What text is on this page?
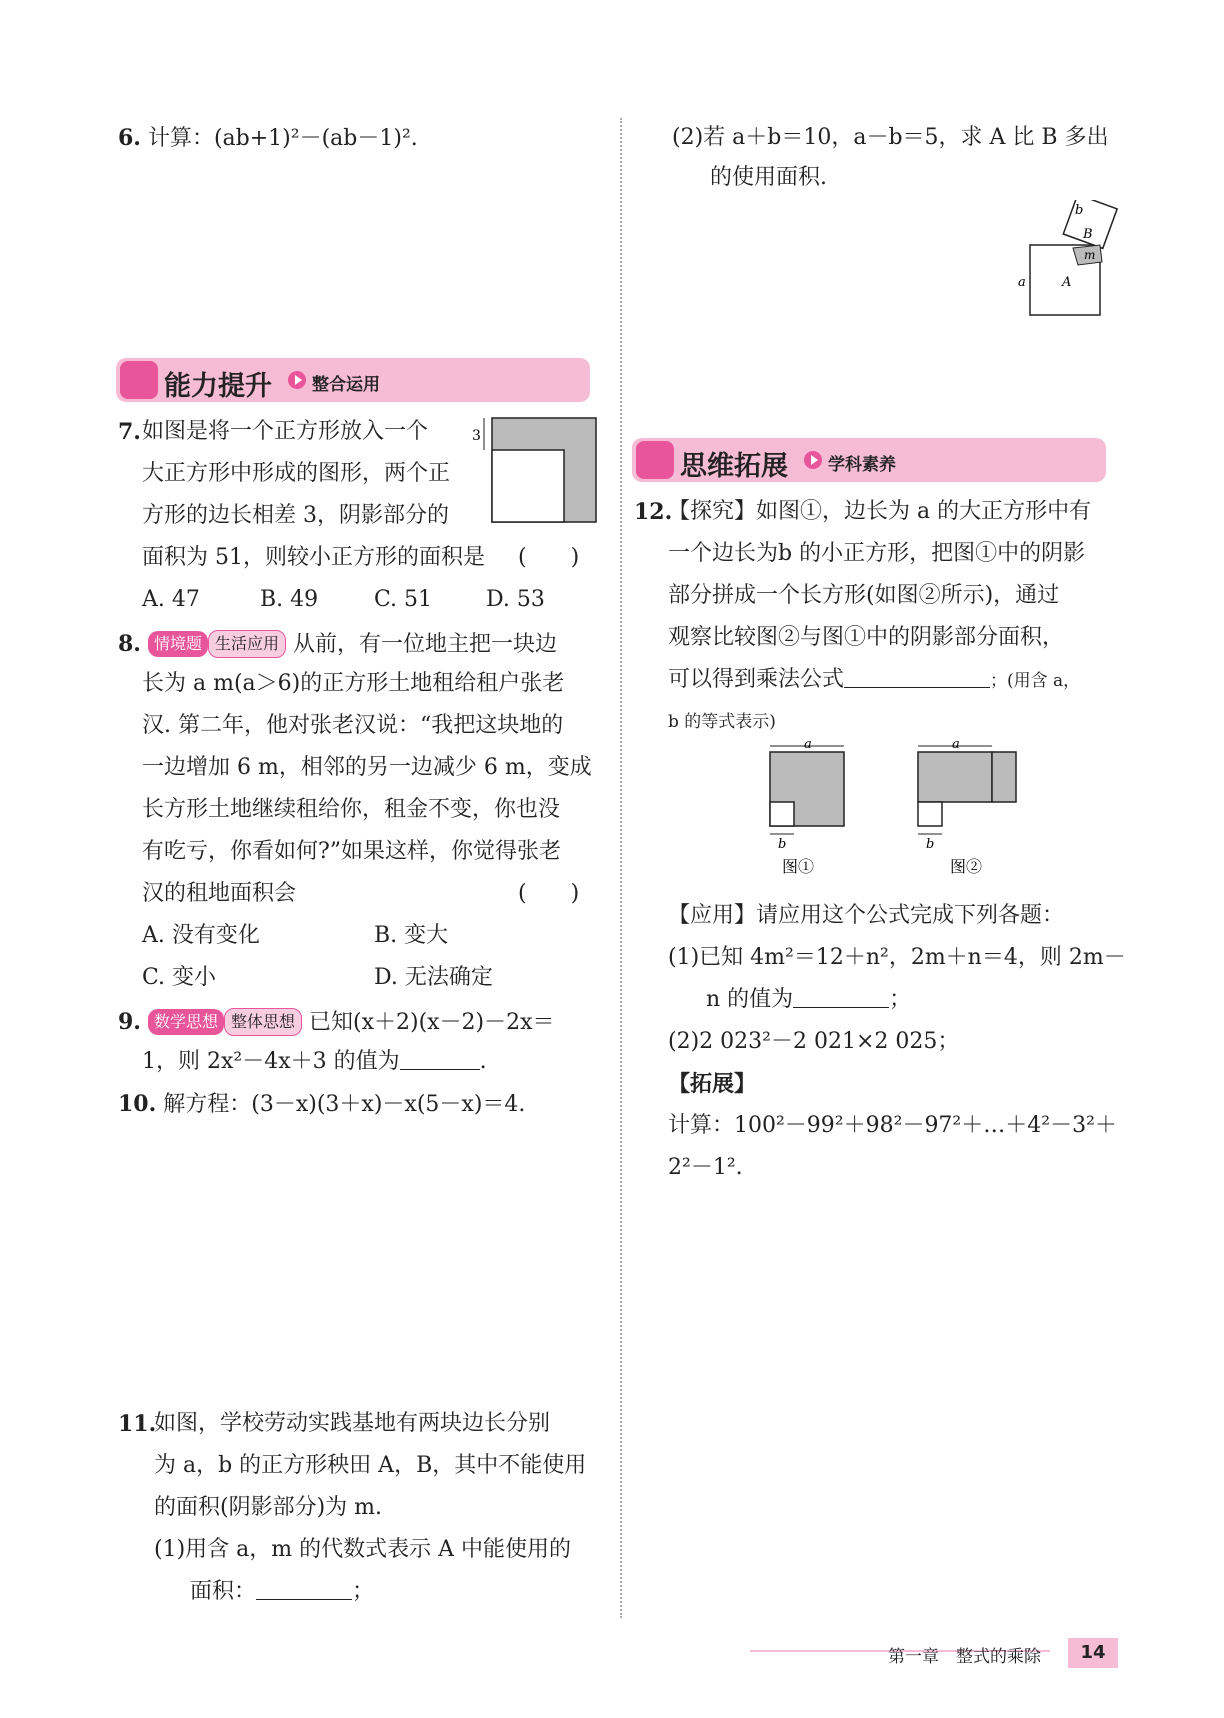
6. 计算：(ab+1)²－(ab－1)².	(2)若 a＋b＝10，a－b＝5，求 A 比 B 多出
的使用面积.
a	A
b
B
m
能力提升 整合运用
7. 如图是将一个正方形放入一个
大正方形中形成的图形，两个正
方形的边长相差 3，阴影部分的
面积为 51，则较小正方形的面积是 (　　)
A. 47	B. 49	C. 51 D. 53
3
8. 情境题 生活应用 从前，有一位地主把一块边
长为 a m(a＞6)的正方形土地租给租户张老
汉. 第二年，他对张老汉说：“我把这块地的
一边增加 6 m，相邻的另一边减少 6 m，变成
长方形土地继续租给你，租金不变，你也没
有吃亏，你看如何?”如果这样，你觉得张老
汉的租地面积会	(　　)
A. 没有变化	B. 变大
C. 变小	D. 无法确定
9. 数学思想 整体思想 已知(x＋2)(x－2)－2x＝
1，则 2x²－4x＋3 的值为	.
10. 解方程：(3－x)(3＋x)－x(5－x)＝4.
11.
如图，学校劳动实践基地有两块边长分别
为 a，b 的正方形秧田 A，B，其中不能使用
的面积(阴影部分)为 m.
(1)用含 a，m 的代数式表示 A 中能使用的
面积：	；
思维拓展 学科素养
12.
【探究】如图①，边长为 a 的大正方形中有
一个边长为b 的小正方形，把图①中的阴影
部分拼成一个长方形(如图②所示)，通过
观察比较图②与图①中的阴影部分面积，
可以得到乘法公式	；(用含 a，
b 的等式表示)
a
b
图①
a
b
图②
【应用】请应用这个公式完成下列各题：
(1)已知 4m²＝12＋n²，2m＋n＝4，则 2m－
n 的值为	；
(2)2 023²－2 021×2 025；
【拓展】
计算：100²－99²＋98²－97²＋…＋4²－3²＋
2²－1².
第一章　整式的乘除	14
